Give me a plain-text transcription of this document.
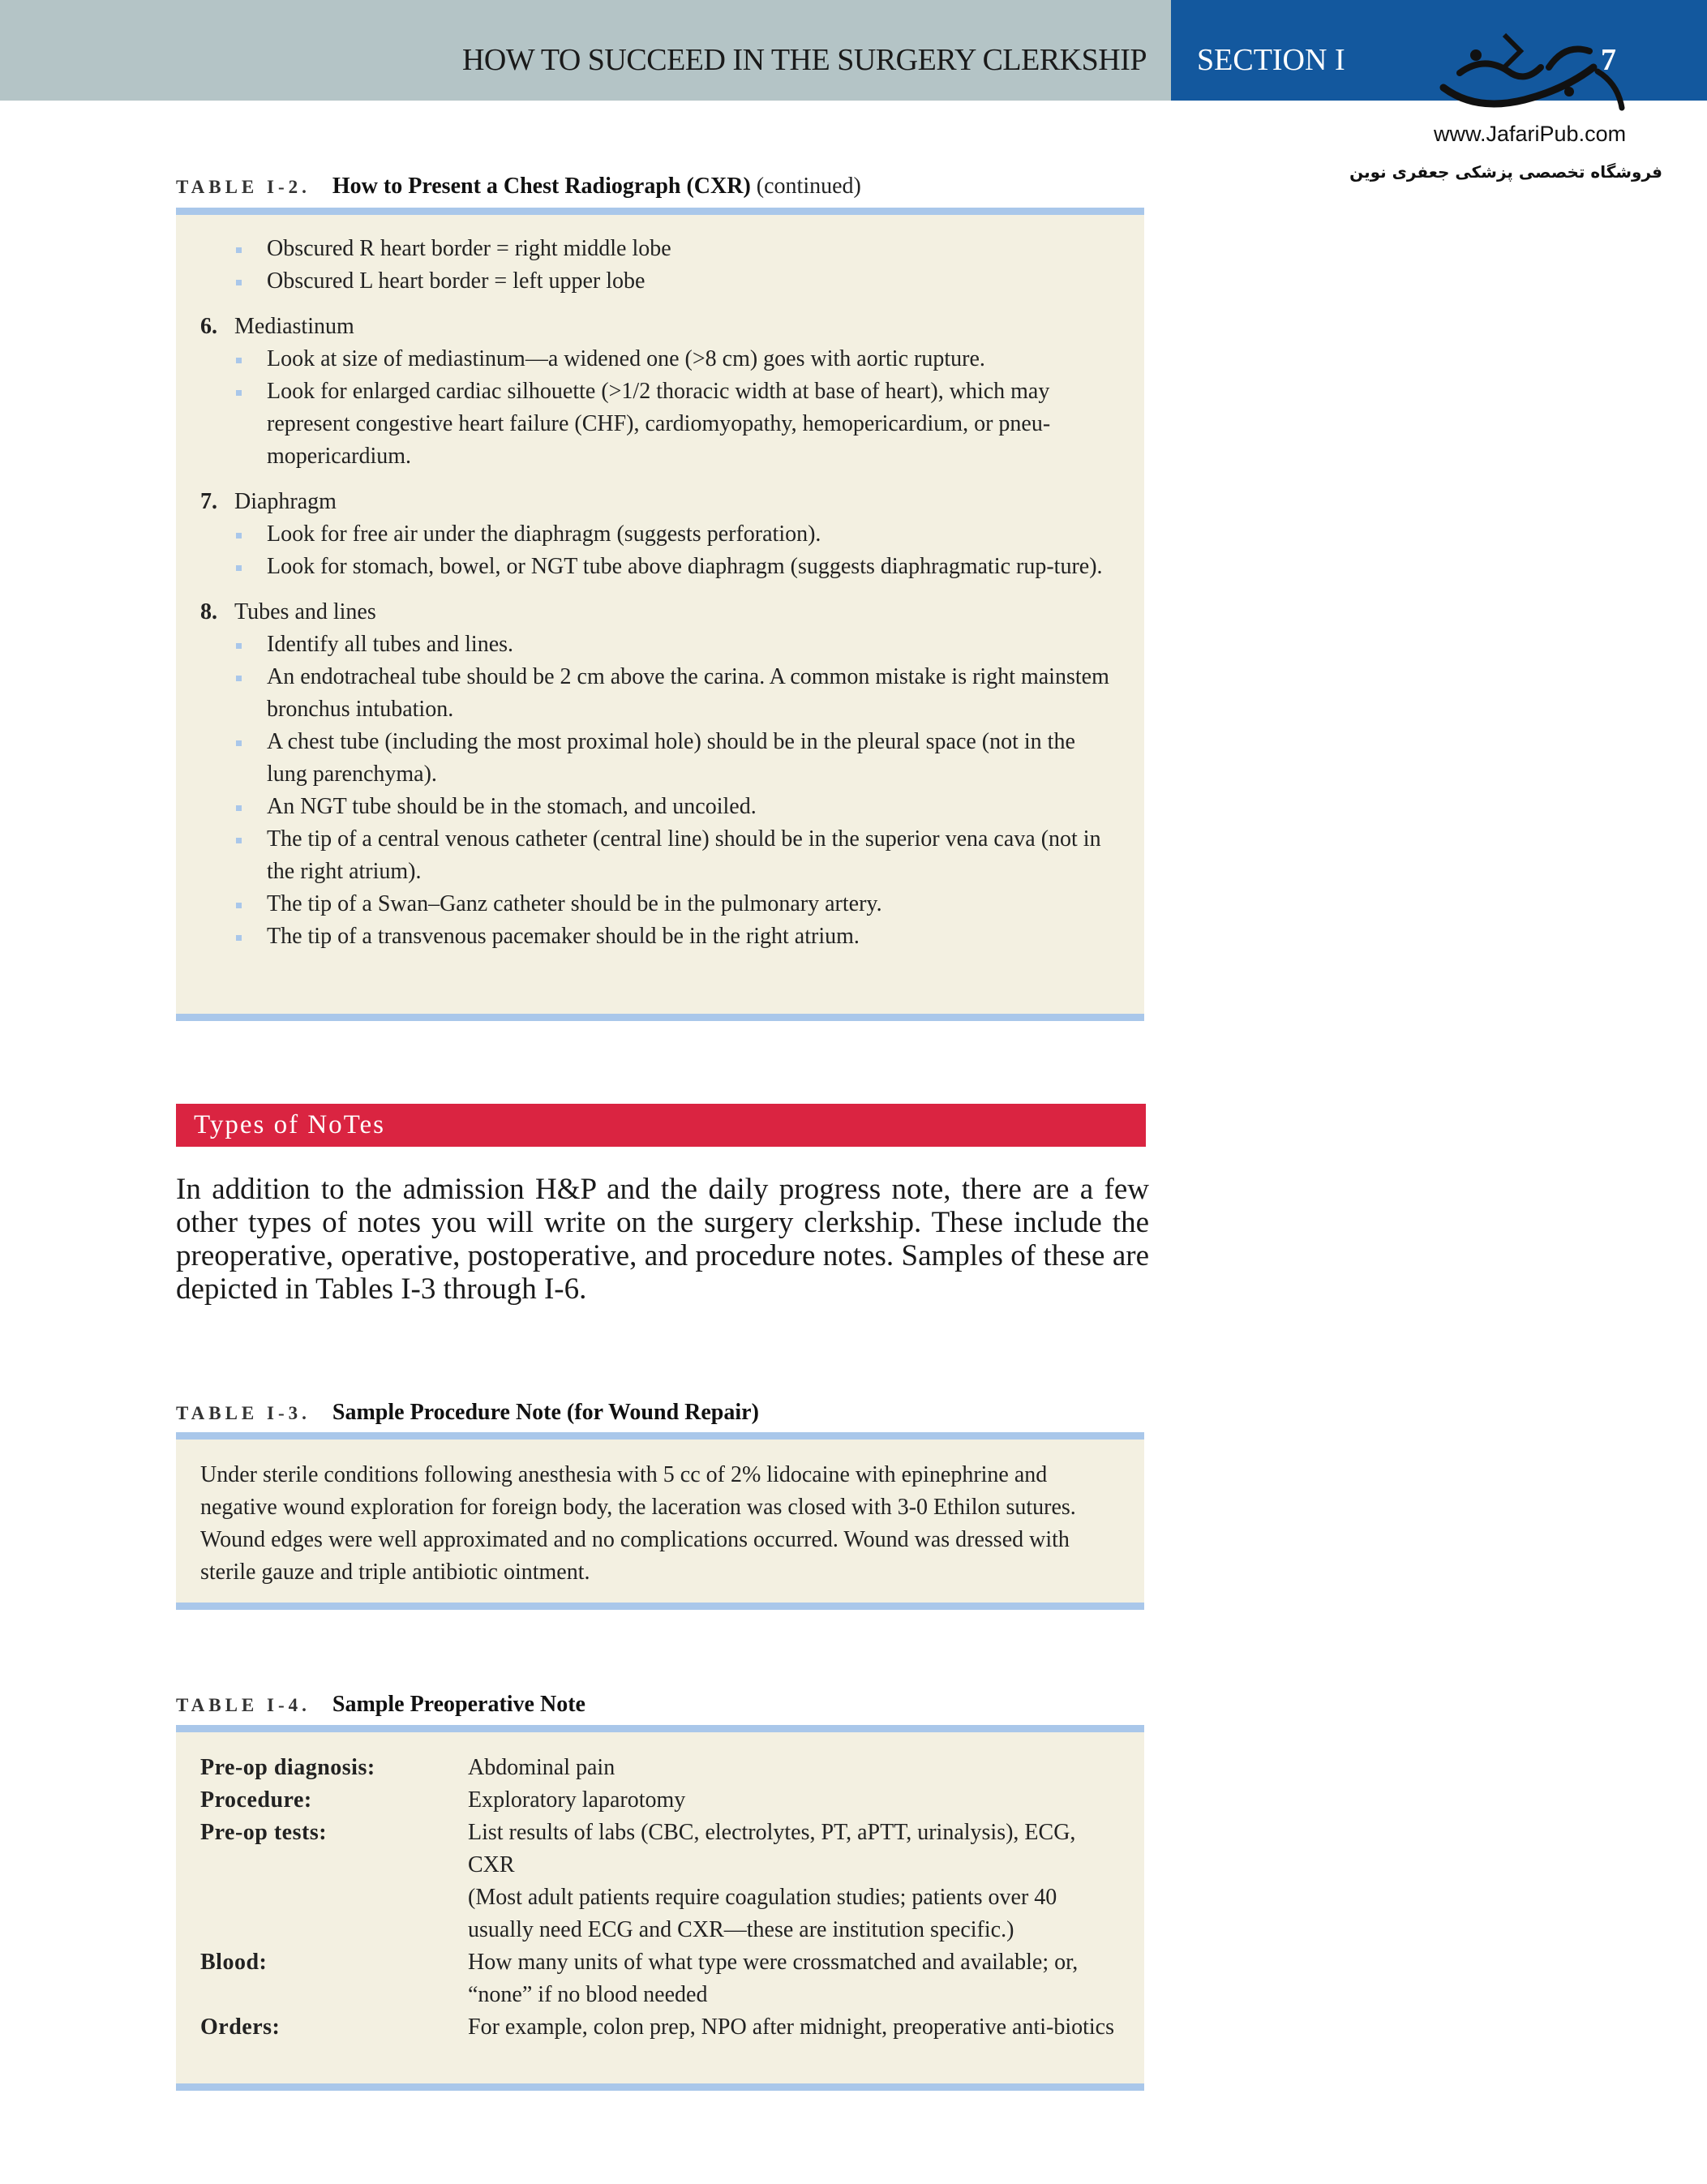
HOW TO SUCCEED IN THE SURGERY CLERKSHIP SECTION I	7
www.JafariPub.com
فروشگاه تخصصی پزشکی جعفری نوین
TABLE I-2. How to Present a Chest Radiograph (CXR) (continued)
Obscured R heart border = right middle lobe
Obscured L heart border = left upper lobe
6. Mediastinum
Look at size of mediastinum—a widened one (>8 cm) goes with aortic rupture.
Look for enlarged cardiac silhouette (>1/2 thoracic width at base of heart), which may represent congestive heart failure (CHF), cardiomyopathy, hemopericardium, or pneu-mopericardium.
7. Diaphragm
Look for free air under the diaphragm (suggests perforation).
Look for stomach, bowel, or NGT tube above diaphragm (suggests diaphragmatic rup-ture).
8. Tubes and lines
Identify all tubes and lines.
An endotracheal tube should be 2 cm above the carina. A common mistake is right mainstem bronchus intubation.
A chest tube (including the most proximal hole) should be in the pleural space (not in the lung parenchyma).
An NGT tube should be in the stomach, and uncoiled.
The tip of a central venous catheter (central line) should be in the superior vena cava (not in the right atrium).
The tip of a Swan–Ganz catheter should be in the pulmonary artery.
The tip of a transvenous pacemaker should be in the right atrium.
Types of NoTes

In addition to the admission H&P and the daily progress note, there are a few other types of notes you will write on the surgery clerkship. These include the preoperative, operative, postoperative, and procedure notes. Samples of these are depicted in Tables I-3 through I-6.

TABLE I-3. Sample Procedure Note (for Wound Repair)

Under sterile conditions following anesthesia with 5 cc of 2% lidocaine with epinephrine and negative wound exploration for foreign body, the laceration was closed with 3-0 Ethilon sutures. Wound edges were well approximated and no complications occurred. Wound was dressed with sterile gauze and triple antibiotic ointment.

TABLE I-4. Sample Preoperative Note
Pre-op diagnosis:	Abdominal pain
Procedure:	Exploratory laparotomy
Pre-op tests:	List results of labs (CBC, electrolytes, PT, aPTT, urinalysis), ECG, CXR
(Most adult patients require coagulation studies; patients over 40 usually need ECG and CXR—these are institution specific.)

Blood:	How many units of what type were crossmatched and available; or, “none” if no blood needed
Orders:	For example, colon prep, NPO after midnight, preoperative anti-biotics
